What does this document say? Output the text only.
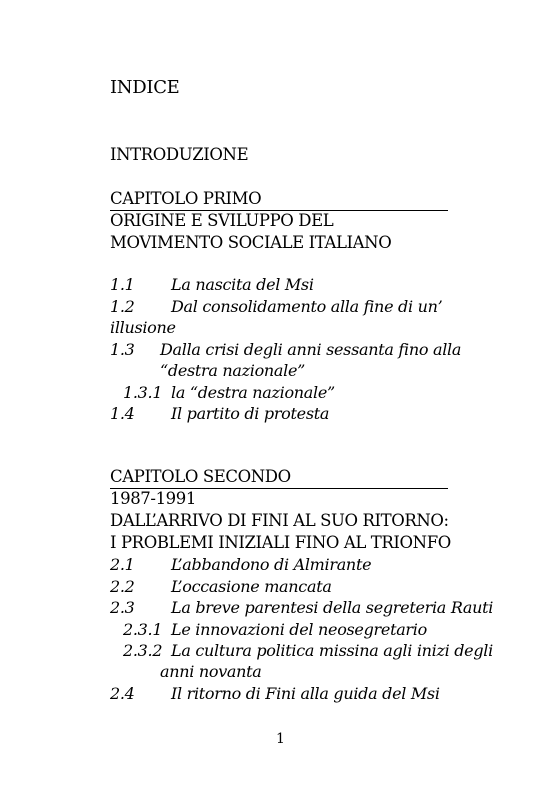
INDICE
INTRODUZIONE
CAPITOLO PRIMO
ORIGINE E SVILUPPO DEL
MOVIMENTO SOCIALE ITALIANO
1.1 La nascita del Msi
1.2 Dal consolidamento alla fine di un’
illusione
1.3 Dalla crisi degli anni sessanta fino alla
“destra nazionale”
1.3.1 la “destra nazionale”
1.4 Il partito di protesta
CAPITOLO SECONDO
1987-1991
DALL’ARRIVO DI FINI AL SUO RITORNO:
I PROBLEMI INIZIALI FINO AL TRIONFO
2.1 L’abbandono di Almirante
2.2 L’occasione mancata
2.3 La breve parentesi della segreteria Rauti
2.3.1 Le innovazioni del neosegretario
2.3.2 La cultura politica missina agli inizi degli
anni novanta
2.4 Il ritorno di Fini alla guida del Msi
1
